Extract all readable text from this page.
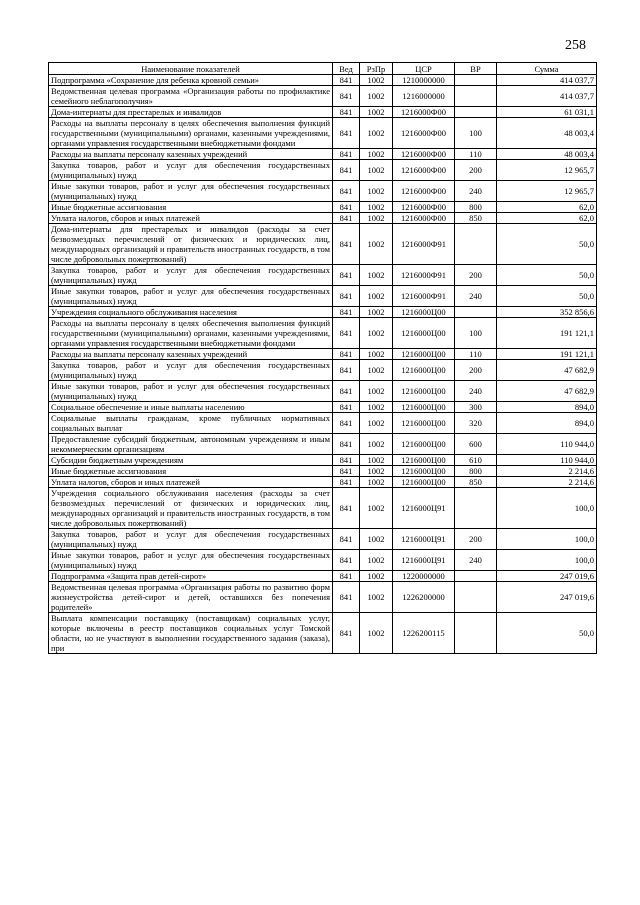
258
Наименование показателей	Вед	РзПр	ЦСР	ВР	Сумма
Подпрограмма «Сохранение для ребенка кровной семьи»	841	1002	1210000000		414 037,7
Ведомственная целевая программа «Организация работы по профилактике семейного неблагополучия»	841	1002	1216000000		414 037,7
Дома-интернаты для престарелых и инвалидов	841	1002	1216000Ф00		61 031,1
Расходы на выплаты персоналу в целях обеспечения выполнения функций государственными (муниципальными) органами, казенными учреждениями, органами управления государственными внебюджетными фондами	841	1002	1216000Ф00	100	48 003,4
Расходы на выплаты персоналу казенных учреждений	841	1002	1216000Ф00	110	48 003,4
Закупка товаров, работ и услуг для обеспечения государственных (муниципальных) нужд	841	1002	1216000Ф00	200	12 965,7
Иные закупки товаров, работ и услуг для обеспечения государственных (муниципальных) нужд	841	1002	1216000Ф00	240	12 965,7
Иные бюджетные ассигнования	841	1002	1216000Ф00	800	62,0
Уплата налогов, сборов и иных платежей	841	1002	1216000Ф00	850	62,0
Дома-интернаты для престарелых и инвалидов (расходы за счет безвозмездных перечислений от физических и юридических лиц, международных организаций и правительств иностранных государств, в том числе добровольных пожертвований)	841	1002	1216000Ф91		50,0
Закупка товаров, работ и услуг для обеспечения государственных (муниципальных) нужд	841	1002	1216000Ф91	200	50,0
Иные закупки товаров, работ и услуг для обеспечения государственных (муниципальных) нужд	841	1002	1216000Ф91	240	50,0
Учреждения социального обслуживания населения	841	1002	1216000Ц00		352 856,6
Расходы на выплаты персоналу в целях обеспечения выполнения функций государственными (муниципальными) органами, казенными учреждениями, органами управления государственными внебюджетными фондами	841	1002	1216000Ц00	100	191 121,1
Расходы на выплаты персоналу казенных учреждений	841	1002	1216000Ц00	110	191 121,1
Закупка товаров, работ и услуг для обеспечения государственных (муниципальных) нужд	841	1002	1216000Ц00	200	47 682,9
Иные закупки товаров, работ и услуг для обеспечения государственных (муниципальных) нужд	841	1002	1216000Ц00	240	47 682,9
Социальное обеспечение и иные выплаты населению	841	1002	1216000Ц00	300	894,0
Социальные выплаты гражданам, кроме публичных нормативных социальных выплат	841	1002	1216000Ц00	320	894,0
Предоставление субсидий бюджетным, автономным учреждениям и иным некоммерческим организациям	841	1002	1216000Ц00	600	110 944,0
Субсидии бюджетным учреждениям	841	1002	1216000Ц00	610	110 944,0
Иные бюджетные ассигнования	841	1002	1216000Ц00	800	2 214,6
Уплата налогов, сборов и иных платежей	841	1002	1216000Ц00	850	2 214,6
Учреждения социального обслуживания населения (расходы за счет безвозмездных перечислений от физических и юридических лиц, международных организаций и правительств иностранных государств, в том числе добровольных пожертвований)	841	1002	1216000Ц91		100,0
Закупка товаров, работ и услуг для обеспечения государственных (муниципальных) нужд	841	1002	1216000Ц91	200	100,0
Иные закупки товаров, работ и услуг для обеспечения государственных (муниципальных) нужд	841	1002	1216000Ц91	240	100,0
Подпрограмма «Защита прав детей-сирот»	841	1002	1220000000		247 019,6
Ведомственная целевая программа «Организация работы по развитию форм жизнеустройства детей-сирот и детей, оставшихся без попечения родителей»	841	1002	1226200000		247 019,6
Выплата компенсации поставщику (поставщикам) социальных услуг, которые включены в реестр поставщиков социальных услуг Томской области, но не участвуют в выполнении государственного задания (заказа), при	841	1002	1226200115		50,0
